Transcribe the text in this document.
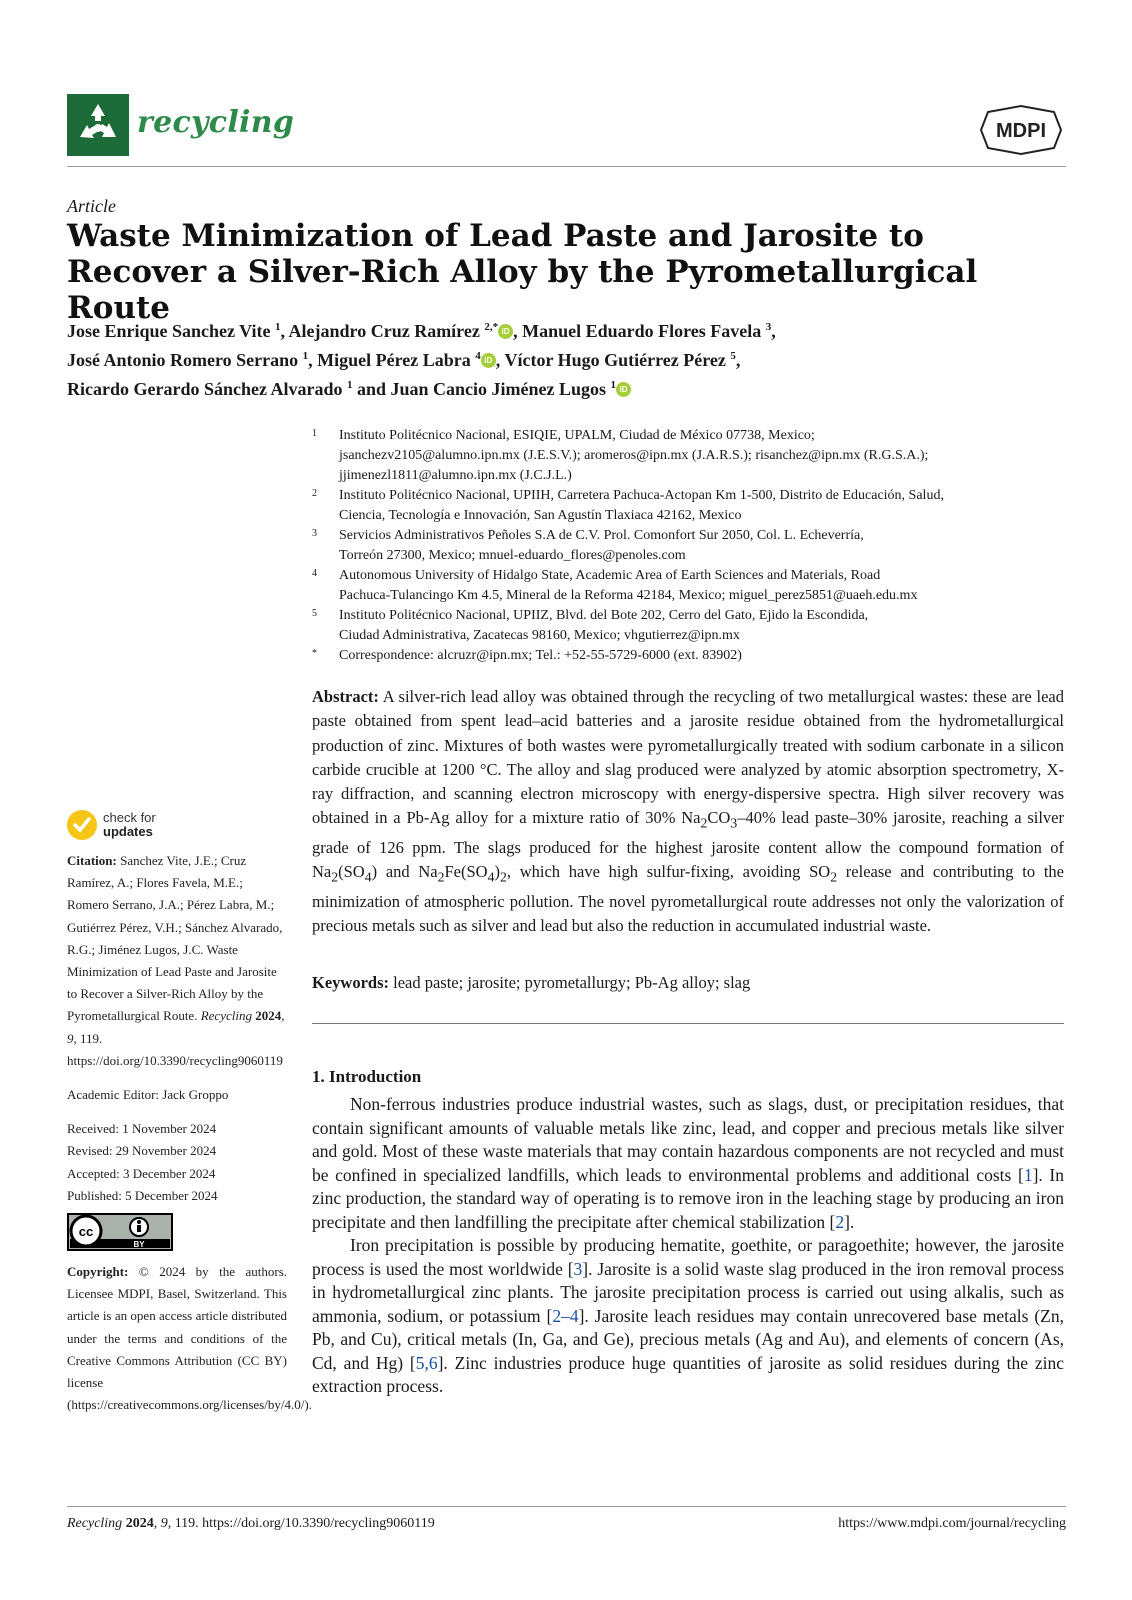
recycling	MDPI
Article
Waste Minimization of Lead Paste and Jarosite to Recover a Silver-Rich Alloy by the Pyrometallurgical Route
Jose Enrique Sanchez Vite $^1$, Alejandro Cruz Ramírez $^{2,*}$ iD , Manuel Eduardo Flores Favela $^3$,
José Antonio Romero Serrano $^1$, Miguel Pérez Labra $^4$ iD , Víctor Hugo Gutiérrez Pérez $^5$,
Ricardo Gerardo Sánchez Alvarado $^1$ and Juan Cancio Jiménez Lugos $^1$ iD
1	Instituto Politécnico Nacional, ESIQIE, UPALM, Ciudad de México 07738, Mexico;
jsanchezv2105@alumno.ipn.mx (J.E.S.V.); aromeros@ipn.mx (J.A.R.S.); risanchez@ipn.mx (R.G.S.A.);
jjimenezl1811@alumno.ipn.mx (J.C.J.L.)
2	Instituto Politécnico Nacional, UPIIH, Carretera Pachuca-Actopan Km 1-500, Distrito de Educación, Salud,
Ciencia, Tecnología e Innovación, San Agustín Tlaxiaca 42162, Mexico
3	Servicios Administrativos Peñoles S.A de C.V. Prol. Comonfort Sur 2050, Col. L. Echeverría,
Torreón 27300, Mexico; mnuel-eduardo_flores@penoles.com
4	Autonomous University of Hidalgo State, Academic Area of Earth Sciences and Materials, Road
Pachuca-Tulancingo Km 4.5, Mineral de la Reforma 42184, Mexico; miguel_perez5851@uaeh.edu.mx
5	Instituto Politécnico Nacional, UPIIZ, Blvd. del Bote 202, Cerro del Gato, Ejido la Escondida,
Ciudad Administrativa, Zacatecas 98160, Mexico; vhgutierrez@ipn.mx
*	Correspondence: alcruzr@ipn.mx; Tel.: +52-55-5729-6000 (ext. 83902)
Abstract: A silver-rich lead alloy was obtained through the recycling of two metallurgical wastes: these are lead paste obtained from spent lead–acid batteries and a jarosite residue obtained from the hydrometallurgical production of zinc. Mixtures of both wastes were pyrometallurgically treated with sodium carbonate in a silicon carbide crucible at 1200 °C. The alloy and slag produced were analyzed by atomic absorption spectrometry, X-ray diffraction, and scanning electron microscopy with energy-dispersive spectra. High silver recovery was obtained in a Pb-Ag alloy for a mixture ratio of 30% $Na_2CO_3-40\%$ lead paste–30% jarosite, reaching a silver grade of 126 ppm. The slags produced for the highest jarosite content allow the compound formation of $Na_2(SO_4)$ and $Na_2Fe(SO_4)_2$, which have high sulfur-fixing, avoiding $SO_2$ release and contributing to the minimization of atmospheric pollution. The novel pyrometallurgical route addresses not only the valorization of precious metals such as silver and lead but also the reduction in accumulated industrial waste.
Keywords: lead paste; jarosite; pyrometallurgy; Pb-Ag alloy; slag
1. Introduction

Non-ferrous industries produce industrial wastes, such as slags, dust, or precipitation residues, that contain significant amounts of valuable metals like zinc, lead, and copper and precious metals like silver and gold. Most of these waste materials that may contain hazardous components are not recycled and must be confined in specialized landfills, which leads to environmental problems and additional costs [1]. In zinc production, the standard way of operating is to remove iron in the leaching stage by producing an iron precipitate and then landfilling the precipitate after chemical stabilization [2].

Iron precipitation is possible by producing hematite, goethite, or paragoethite; however, the jarosite process is used the most worldwide [3]. Jarosite is a solid waste slag produced in the iron removal process in hydrometallurgical zinc plants. The jarosite precipitation process is carried out using alkalis, such as ammonia, sodium, or potassium [2–4]. Jarosite leach residues may contain unrecovered base metals (Zn, Pb, and Cu), critical metals (In, Ga, and Ge), precious metals (Ag and Au), and elements of concern (As, Cd, and Hg) [5,6]. Zinc industries produce huge quantities of jarosite as solid residues during the zinc extraction process.

check for
updates
Citation: Sanchez Vite, J.E.; Cruz Ramírez, A.; Flores Favela, M.E.; Romero Serrano, J.A.; Pérez Labra, M.; Gutiérrez Pérez, V.H.; Sánchez Alvarado, R.G.; Jiménez Lugos, J.C. Waste Minimization of Lead Paste and Jarosite to Recover a Silver-Rich Alloy by the Pyrometallurgical Route. Recycling 2024, 9, 119. https://doi.org/10.3390/recycling9060119
Academic Editor: Jack Groppo
Received: 1 November 2024
Revised: 29 November 2024
Accepted: 3 December 2024
Published: 5 December 2024
cc
BY
Copyright: © 2024 by the authors. Licensee MDPI, Basel, Switzerland. This article is an open access article distributed under the terms and conditions of the Creative Commons Attribution (CC BY) license (https://creativecommons.org/licenses/by/4.0/).
Recycling 2024, 9, 119. https://doi.org/10.3390/recycling9060119	https://www.mdpi.com/journal/recycling
